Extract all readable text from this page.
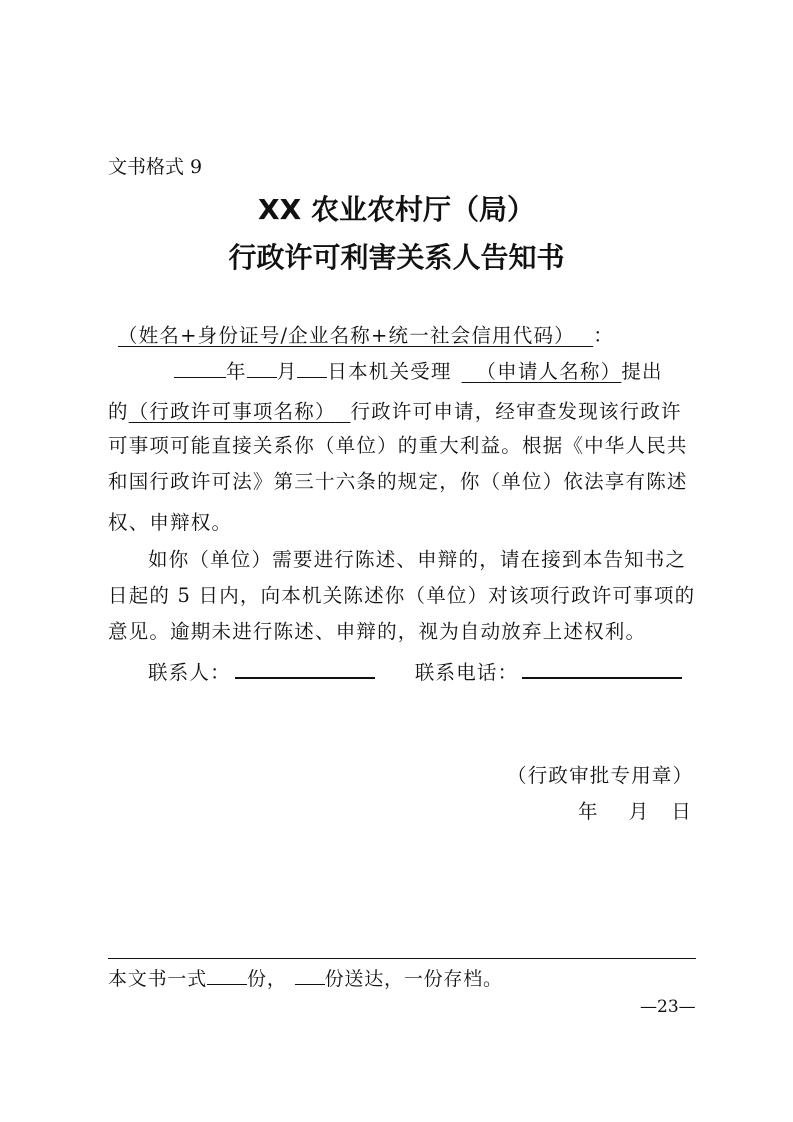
文书格式 9
XX 农业农村厅（局）
行政许可利害关系人告知书
（姓名+身份证号/企业名称+统一社会信用代码）　 ：
年 月 日本机关受理 （申请人名称）提出
的（行政许可事项名称） 行政许可申请，经审查发现该行政许
可事项可能直接关系你（单位）的重大利益。根据《中华人民共
和国行政许可法》第三十六条的规定，你（单位）依法享有陈述
权、申辩权。
如你（单位）需要进行陈述、申辩的，请在接到本告知书之
日起的 5 日内，向本机关陈述你（单位）对该项行政许可事项的
意见。逾期未进行陈述、申辩的，视为自动放弃上述权利。
联系人：	联系电话：
（行政审批专用章）
年 月 日
本文书一式 份， 份送达，一份存档。
—23—
